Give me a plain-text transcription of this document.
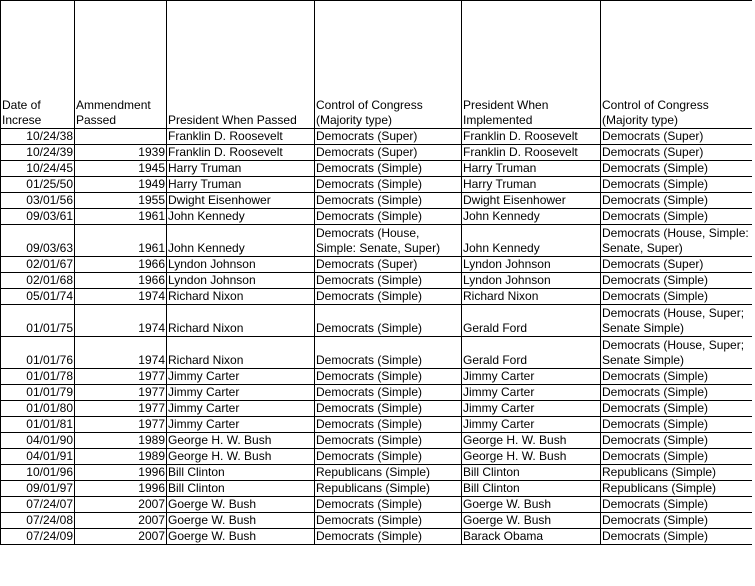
Date of Increse	Ammendment Passed	President When Passed	Control of Congress (Majority type)	President When Implemented	Control of Congress (Majority type)
10/24/38		Franklin D. Roosevelt	Democrats (Super)	Franklin D. Roosevelt	Democrats (Super)
10/24/39	1939	Franklin D. Roosevelt	Democrats (Super)	Franklin D. Roosevelt	Democrats (Super)
10/24/45	1945	Harry Truman	Democrats (Simple)	Harry Truman	Democrats (Simple)
01/25/50	1949	Harry Truman	Democrats (Simple)	Harry Truman	Democrats (Simple)
03/01/56	1955	Dwight Eisenhower	Democrats (Simple)	Dwight Eisenhower	Democrats (Simple)
09/03/61	1961	John Kennedy	Democrats (Simple)	John Kennedy	Democrats (Simple)
09/03/63	1961	John Kennedy	Democrats (House, Simple: Senate, Super)	John Kennedy	Democrats (House, Simple: Senate, Super)
02/01/67	1966	Lyndon Johnson	Democrats (Super)	Lyndon Johnson	Democrats (Super)
02/01/68	1966	Lyndon Johnson	Democrats (Simple)	Lyndon Johnson	Democrats (Simple)
05/01/74	1974	Richard Nixon	Democrats (Simple)	Richard Nixon	Democrats (Simple)
01/01/75	1974	Richard Nixon	Democrats (Simple)	Gerald Ford	Democrats (House, Super; Senate Simple)
01/01/76	1974	Richard Nixon	Democrats (Simple)	Gerald Ford	Democrats (House, Super; Senate Simple)
01/01/78	1977	Jimmy Carter	Democrats (Simple)	Jimmy Carter	Democrats (Simple)
01/01/79	1977	Jimmy Carter	Democrats (Simple)	Jimmy Carter	Democrats (Simple)
01/01/80	1977	Jimmy Carter	Democrats (Simple)	Jimmy Carter	Democrats (Simple)
01/01/81	1977	Jimmy Carter	Democrats (Simple)	Jimmy Carter	Democrats (Simple)
04/01/90	1989	George H. W. Bush	Democrats (Simple)	George H. W. Bush	Democrats (Simple)
04/01/91	1989	George H. W. Bush	Democrats (Simple)	George H. W. Bush	Democrats (Simple)
10/01/96	1996	Bill Clinton	Republicans (Simple)	Bill Clinton	Republicans (Simple)
09/01/97	1996	Bill Clinton	Republicans (Simple)	Bill Clinton	Republicans (Simple)
07/24/07	2007	Goerge W. Bush	Democrats (Simple)	Goerge W. Bush	Democrats (Simple)
07/24/08	2007	Goerge W. Bush	Democrats (Simple)	Goerge W. Bush	Democrats (Simple)
07/24/09	2007	Goerge W. Bush	Democrats (Simple)	Barack Obama	Democrats (Simple)
